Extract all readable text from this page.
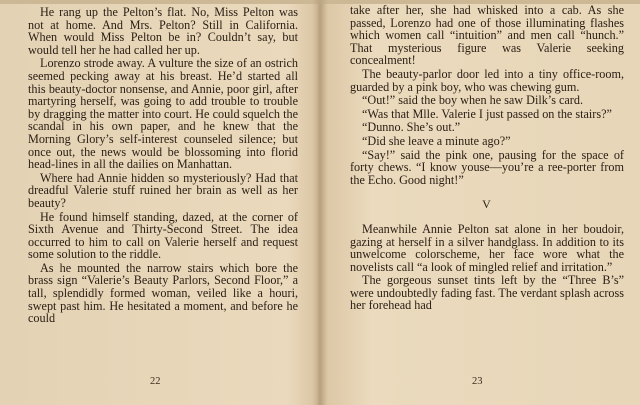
He rang up the Pelton’s flat. No, Miss Pelton was not at home. And Mrs. Pelton? Still in California. When would Miss Pelton be in? Couldn’t say, but would tell her he had called her up.

Lorenzo strode away. A vulture the size of an ostrich seemed pecking away at his breast. He’d started all this beauty-doctor nonsense, and Annie, poor girl, after martyring herself, was going to add trouble to trouble by dragging the matter into court. He could squelch the scandal in his own paper, and he knew that the Morning Glory’s self-interest counseled silence; but once out, the news would be blossoming into florid head-lines in all the dailies on Manhattan.

Where had Annie hidden so mysteriously? Had that dreadful Valerie stuff ruined her brain as well as her beauty?

He found himself standing, dazed, at the corner of Sixth Avenue and Thirty-Second Street. The idea occurred to him to call on Valerie herself and request some solution to the riddle.

As he mounted the narrow stairs which bore the brass sign “Valerie’s Beauty Parlors, Second Floor,” a tall, splendidly formed woman, veiled like a houri, swept past him. He hesitated a moment, and before he could

22

take after her, she had whisked into a cab. As she passed, Lorenzo had one of those illuminating flashes which women call “intuition” and men call “hunch.” That mysterious figure was Valerie seeking concealment!

The beauty-parlor door led into a tiny office-room, guarded by a pink boy, who was chewing gum.

“Out!” said the boy when he saw Dilk’s card.

“Was that Mlle. Valerie I just passed on the stairs?”

“Dunno. She’s out.”

“Did she leave a minute ago?”

“Say!” said the pink one, pausing for the space of forty chews. “I know youse—you’re a ree-porter from the Echo. Good night!”

V

Meanwhile Annie Pelton sat alone in her boudoir, gazing at herself in a silver handglass. In addition to its unwelcome colorscheme, her face wore what the novelists call “a look of mingled relief and irritation.”

The gorgeous sunset tints left by the “Three B’s” were undoubtedly fading fast. The verdant splash across her forehead had

23
